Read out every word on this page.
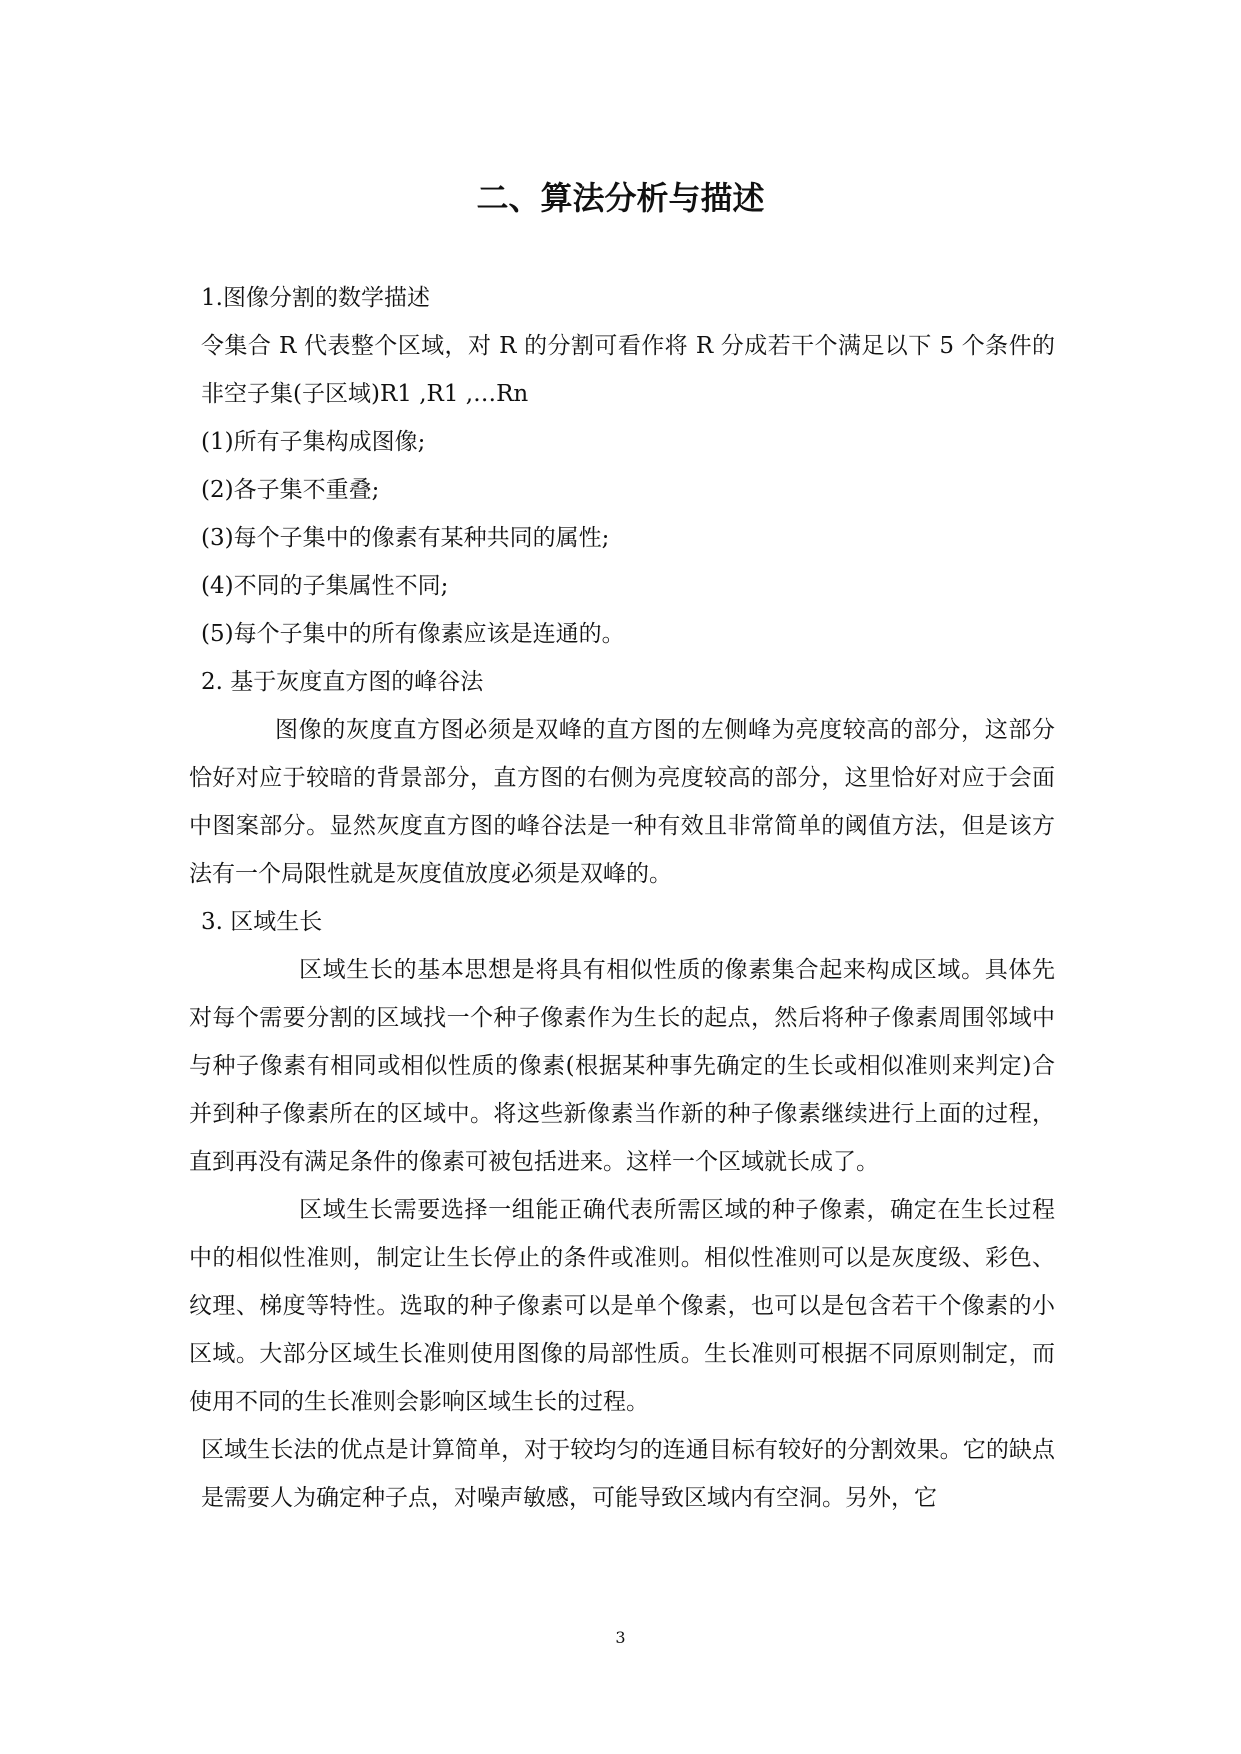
二、算法分析与描述

1.图像分割的数学描述

令集合 R 代表整个区域，对 R 的分割可看作将 R 分成若干个满足以下 5 个条件的非空子集(子区域)R1 ,R1 ,…Rn

(1)所有子集构成图像;

(2)各子集不重叠;

(3)每个子集中的像素有某种共同的属性;

(4)不同的子集属性不同;

(5)每个子集中的所有像素应该是连通的。

2. 基于灰度直方图的峰谷法

图像的灰度直方图必须是双峰的直方图的左侧峰为亮度较高的部分，这部分恰好对应于较暗的背景部分，直方图的右侧为亮度较高的部分，这里恰好对应于会面中图案部分。显然灰度直方图的峰谷法是一种有效且非常简单的阈值方法，但是该方法有一个局限性就是灰度值放度必须是双峰的。

3. 区域生长

区域生长的基本思想是将具有相似性质的像素集合起来构成区域。具体先对每个需要分割的区域找一个种子像素作为生长的起点，然后将种子像素周围邻域中与种子像素有相同或相似性质的像素(根据某种事先确定的生长或相似准则来判定)合并到种子像素所在的区域中。将这些新像素当作新的种子像素继续进行上面的过程，直到再没有满足条件的像素可被包括进来。这样一个区域就长成了。

区域生长需要选择一组能正确代表所需区域的种子像素，确定在生长过程中的相似性准则，制定让生长停止的条件或准则。相似性准则可以是灰度级、彩色、纹理、梯度等特性。选取的种子像素可以是单个像素，也可以是包含若干个像素的小区域。大部分区域生长准则使用图像的局部性质。生长准则可根据不同原则制定，而使用不同的生长准则会影响区域生长的过程。

区域生长法的优点是计算简单，对于较均匀的连通目标有较好的分割效果。它的缺点是需要人为确定种子点，对噪声敏感，可能导致区域内有空洞。另外，它

3
